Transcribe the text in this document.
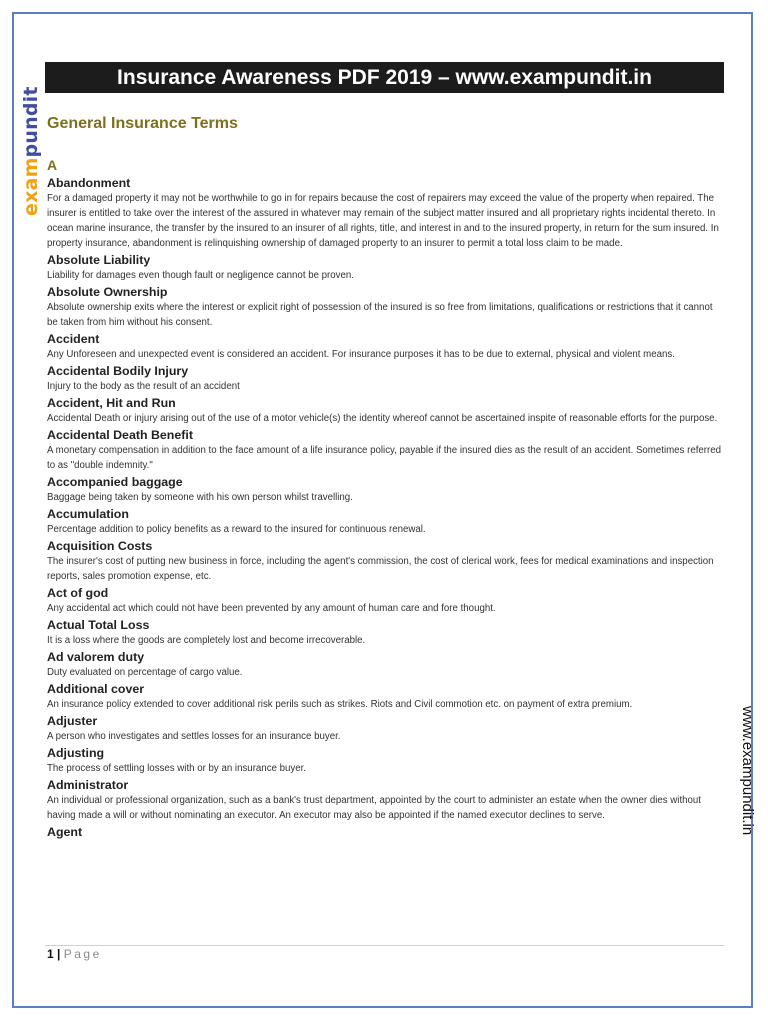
Insurance Awareness PDF 2019 – www.exampundit.in
exampundit
www.exampundit.in
General Insurance Terms
A
Abandonment
For a damaged property it may not be worthwhile to go in for repairs because the cost of repairers may exceed the value of the property when repaired. The insurer is entitled to take over the interest of the assured in whatever may remain of the subject matter insured and all proprietary rights incidental thereto. In ocean marine insurance, the transfer by the insured to an insurer of all rights, title, and interest in and to the insured property, in return for the sum insured. In property insurance, abandonment is relinquishing ownership of damaged property to an insurer to permit a total loss claim to be made.
Absolute Liability
Liability for damages even though fault or negligence cannot be proven.
Absolute Ownership
Absolute ownership exits where the interest or explicit right of possession of the insured is so free from limitations, qualifications or restrictions that it cannot be taken from him without his consent.
Accident
Any Unforeseen and unexpected event is considered an accident. For insurance purposes it has to be due to external, physical and violent means.
Accidental Bodily Injury
Injury to the body as the result of an accident
Accident, Hit and Run
Accidental Death or injury arising out of the use of a motor vehicle(s) the identity whereof cannot be ascertained inspite of reasonable efforts for the purpose.
Accidental Death Benefit
A monetary compensation in addition to the face amount of a life insurance policy, payable if the insured dies as the result of an accident. Sometimes referred to as "double indemnity."
Accompanied baggage
Baggage being taken by someone with his own person whilst travelling.
Accumulation
Percentage addition to policy benefits as a reward to the insured for continuous renewal.
Acquisition Costs
The insurer's cost of putting new business in force, including the agent's commission, the cost of clerical work, fees for medical examinations and inspection reports, sales promotion expense, etc.
Act of god
Any accidental act which could not have been prevented by any amount of human care and fore thought.
Actual Total Loss
It is a loss where the goods are completely lost and become irrecoverable.
Ad valorem duty
Duty evaluated on percentage of cargo value.
Additional cover
An insurance policy extended to cover additional risk perils such as strikes. Riots and Civil commotion etc. on payment of extra premium.
Adjuster
A person who investigates and settles losses for an insurance buyer.
Adjusting
The process of settling losses with or by an insurance buyer.
Administrator
An individual or professional organization, such as a bank's trust department, appointed by the court to administer an estate when the owner dies without having made a will or without nominating an executor. An executor may also be appointed if the named executor declines to serve.
Agent
1 | Page
